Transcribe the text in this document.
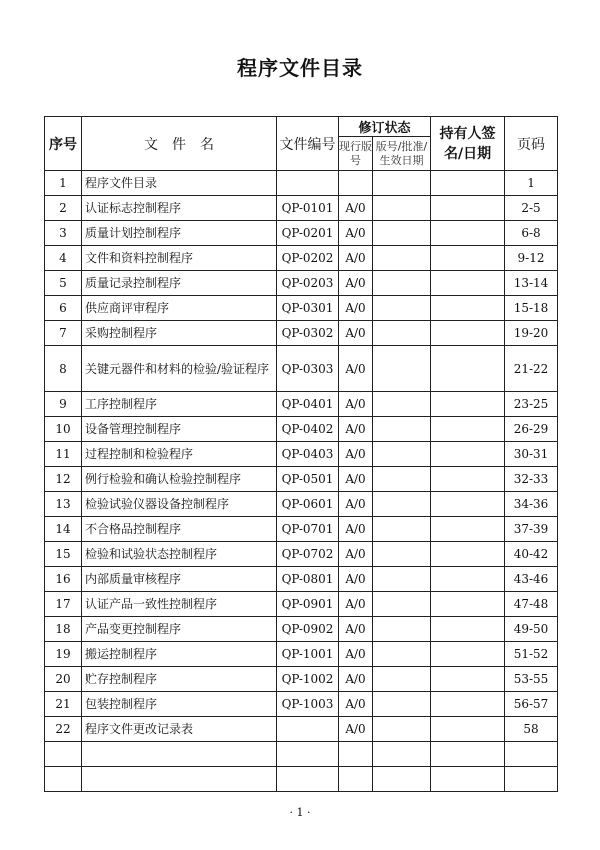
程序文件目录
序号	文　件　名	文件编号	修订状态		持有人签名/日期	页码
			现行版号	版号/批准/生效日期		
1	程序文件目录					1
2	认证标志控制程序	QP-0101	A/0			2-5
3	质量计划控制程序	QP-0201	A/0			6-8
4	文件和资料控制程序	QP-0202	A/0			9-12
5	质量记录控制程序	QP-0203	A/0			13-14
6	供应商评审程序	QP-0301	A/0			15-18
7	采购控制程序	QP-0302	A/0			19-20
8	关键元器件和材料的检验/验证程序	QP-0303	A/0			21-22
9	工序控制程序	QP-0401	A/0			23-25
10	设备管理控制程序	QP-0402	A/0			26-29
11	过程控制和检验程序	QP-0403	A/0			30-31
12	例行检验和确认检验控制程序	QP-0501	A/0			32-33
13	检验试验仪器设备控制程序	QP-0601	A/0			34-36
14	不合格品控制程序	QP-0701	A/0			37-39
15	检验和试验状态控制程序	QP-0702	A/0			40-42
16	内部质量审核程序	QP-0801	A/0			43-46
17	认证产品一致性控制程序	QP-0901	A/0			47-48
18	产品变更控制程序	QP-0902	A/0			49-50
19	搬运控制程序	QP-1001	A/0			51-52
20	贮存控制程序	QP-1002	A/0			53-55
21	包装控制程序	QP-1003	A/0			56-57
22	程序文件更改记录表		A/0			58

· 1 ·
